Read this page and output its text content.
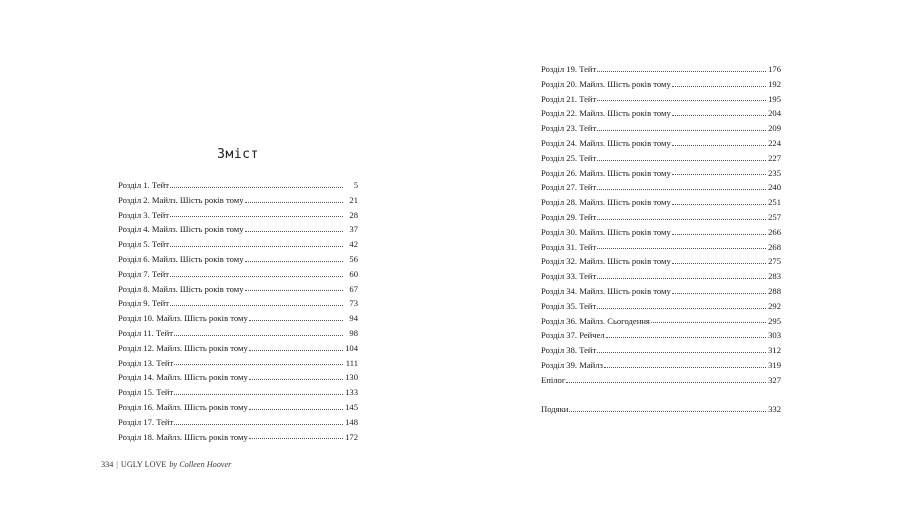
Зміст
Розділ 1. Тейт	5
Розділ 2. Майлз. Шість років тому	21
Розділ 3. Тейт	28
Розділ 4. Майлз. Шість років тому	37
Розділ 5. Тейт	42
Розділ 6. Майлз. Шість років тому	56
Розділ 7. Тейт	60
Розділ 8. Майлз. Шість років тому	67
Розділ 9. Тейт	73
Розділ 10. Майлз. Шість років тому	94
Розділ 11. Тейт	98
Розділ 12. Майлз. Шість років тому	104
Розділ 13. Тейт	111
Розділ 14. Майлз. Шість років тому	130
Розділ 15. Тейт	133
Розділ 16. Майлз. Шість років тому	145
Розділ 17. Тейт	148
Розділ 18. Майлз. Шість років тому	172
334 | UGLY LOVE by Colleen Hoover
Розділ 19. Тейт	176
Розділ 20. Майлз. Шість років тому	192
Розділ 21. Тейт	195
Розділ 22. Майлз. Шість років тому	204
Розділ 23. Тейт	209
Розділ 24. Майлз. Шість років тому	224
Розділ 25. Тейт	227
Розділ 26. Майлз. Шість років тому	235
Розділ 27. Тейт	240
Розділ 28. Майлз. Шість років тому	251
Розділ 29. Тейт	257
Розділ 30. Майлз. Шість років тому	266
Розділ 31. Тейт	268
Розділ 32. Майлз. Шість років тому	275
Розділ 33. Тейт	283
Розділ 34. Майлз. Шість років тому	288
Розділ 35. Тейт	292
Розділ 36. Майлз. Сьогодення	295
Розділ 37. Рейчел	303
Розділ 38. Тейт	312
Розділ 39. Майлз	319
Епілог	327
Подяки	332
